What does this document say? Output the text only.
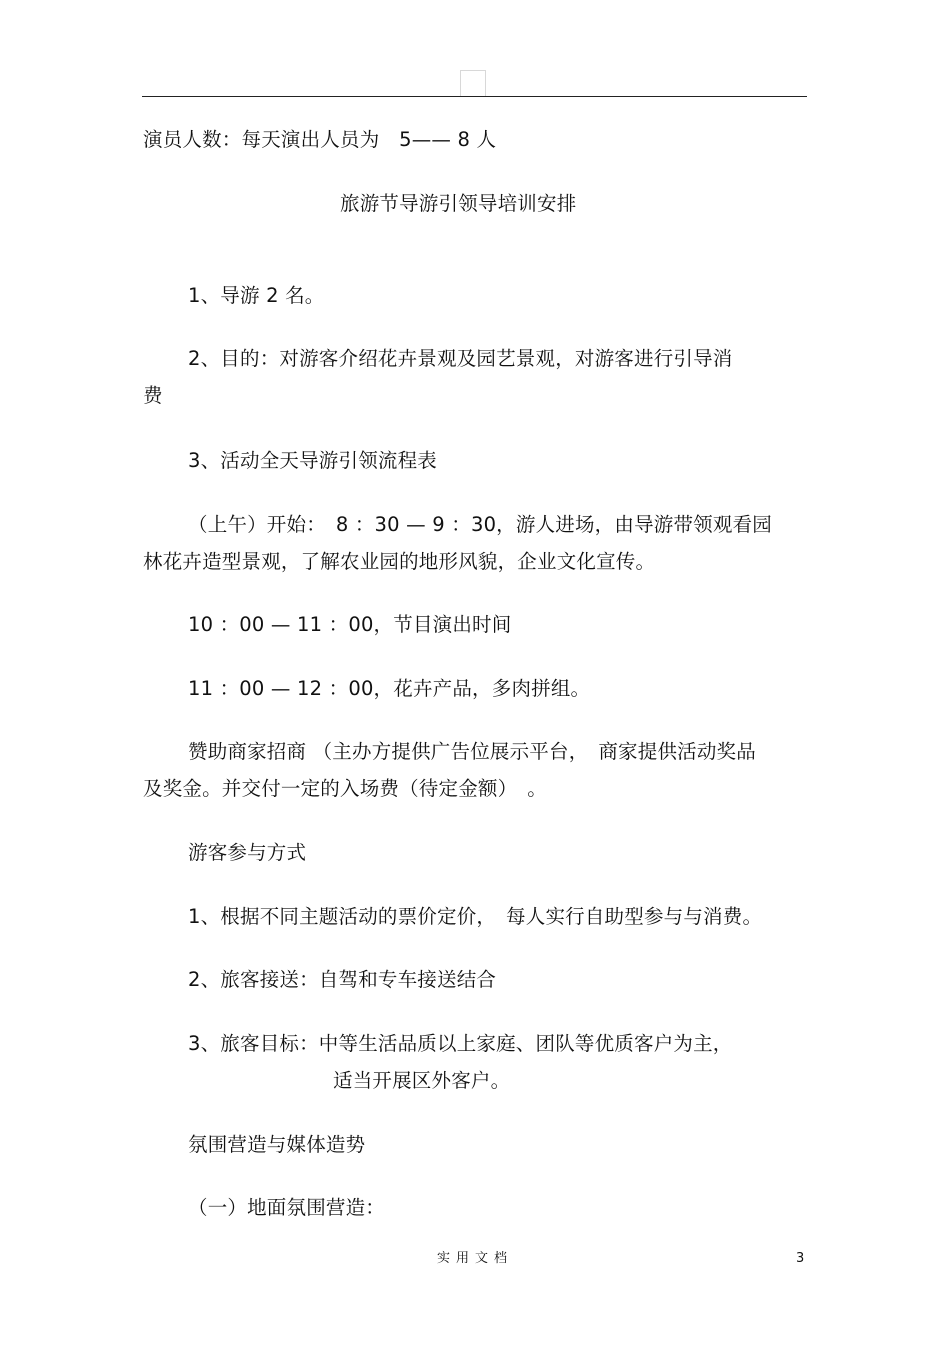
演员人数：每天演出人员为　5—— 8 人
旅游节导游引领导培训安排
1、导游 2 名。
2、目的：对游客介绍花卉景观及园艺景观，对游客进行引导消
费
3、活动全天导游引领流程表
（上午）开始：　8 ：30 — 9 ：30，游人进场，由导游带领观看园
林花卉造型景观，了解农业园的地形风貌，企业文化宣传。
10 ：00 — 11 ：00，节目演出时间
11 ：00 — 12 ：00，花卉产品，多肉拼组。
赞助商家招商 （主办方提供广告位展示平台，　商家提供活动奖品
及奖金。并交付一定的入场费（待定金额）　。
游客参与方式
1、根据不同主题活动的票价定价，　每人实行自助型参与与消费。
2、旅客接送：自驾和专车接送结合
3、旅客目标：中等生活品质以上家庭、团队等优质客户为主，
适当开展区外客户。
氛围营造与媒体造势
（一）地面氛围营造：
实用文档	3
